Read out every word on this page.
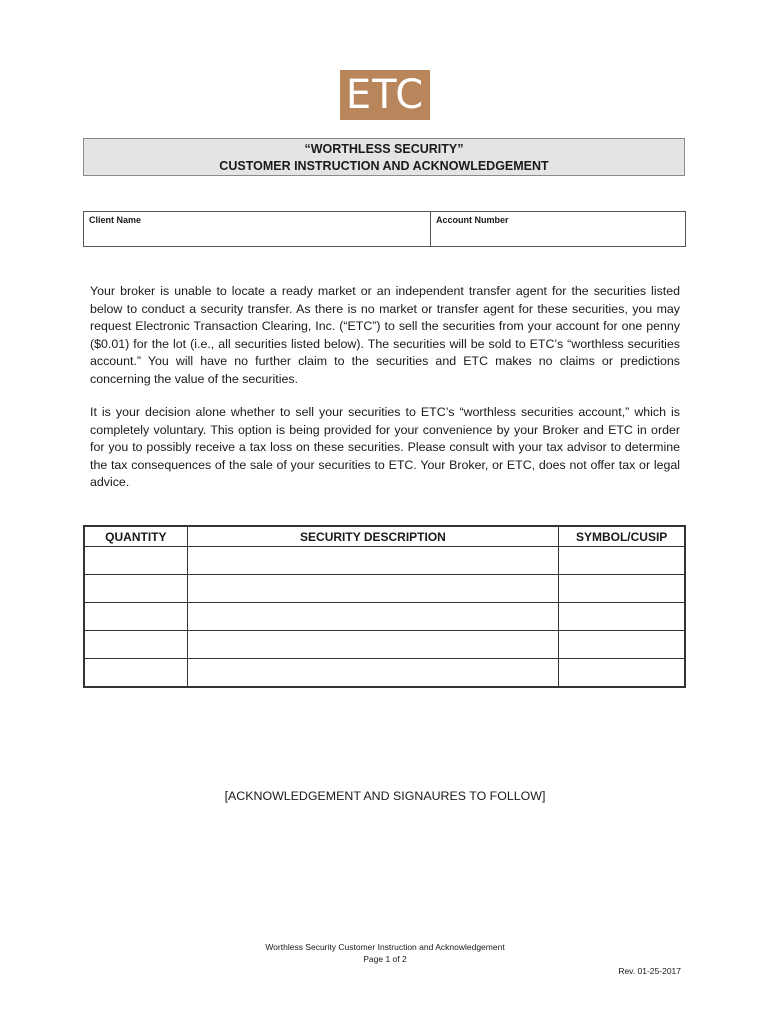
ETC
“WORTHLESS SECURITY”
CUSTOMER INSTRUCTION AND ACKNOWLEDGEMENT
Client Name	Account Number

Your broker is unable to locate a ready market or an independent transfer agent for the securities listed below to conduct a security transfer. As there is no market or transfer agent for these securities, you may request Electronic Transaction Clearing, Inc. (“ETC”) to sell the securities from your account for one penny ($0.01) for the lot (i.e., all securities listed below). The securities will be sold to ETC’s “worthless securities account.” You will have no further claim to the securities and ETC makes no claims or predictions concerning the value of the securities.

It is your decision alone whether to sell your securities to ETC’s “worthless securities account,” which is completely voluntary. This option is being provided for your convenience by your Broker and ETC in order for you to possibly receive a tax loss on these securities. Please consult with your tax advisor to determine the tax consequences of the sale of your securities to ETC. Your Broker, or ETC, does not offer tax or legal advice.

QUANTITY	SECURITY DESCRIPTION	SYMBOL/CUSIP

[ACKNOWLEDGEMENT AND SIGNAURES TO FOLLOW]
Worthless Security Customer Instruction and Acknowledgement
Page 1 of 2
Rev. 01-25-2017
